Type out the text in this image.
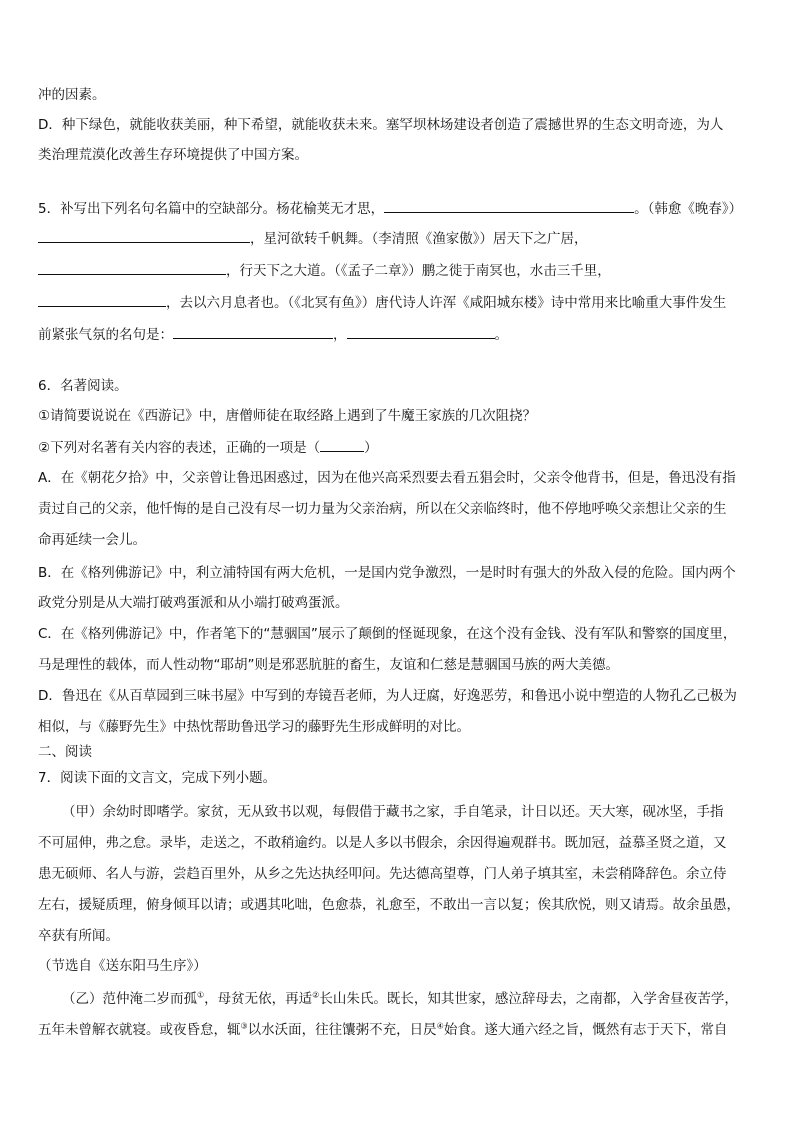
冲的因素。
D．种下绿色，就能收获美丽，种下希望，就能收获未来。塞罕坝林场建设者创造了震撼世界的生态文明奇迹，为人
类治理荒漠化改善生存环境提供了中国方案。
5．补写出下列名句名篇中的空缺部分。杨花榆荚无才思，	。（韩愈《晚春》）
，星河欲转千帆舞。（李清照《渔家傲》）居天下之广居，
，行天下之大道。（《孟子二章》）鹏之徙于南冥也，水击三千里，
，去以六月息者也。（《北冥有鱼》）唐代诗人许浑《咸阳城东楼》诗中常用来比喻重大事件发生
前紧张气氛的名句是：	，	。
6．名著阅读。
①请简要说说在《西游记》中，唐僧师徒在取经路上遇到了牛魔王家族的几次阻挠？
②下列对名著有关内容的表述，正确的一项是（	）
A．在《朝花夕拾》中，父亲曾让鲁迅困惑过，因为在他兴高采烈要去看五猖会时，父亲令他背书，但是，鲁迅没有指
责过自己的父亲，他忏悔的是自己没有尽一切力量为父亲治病，所以在父亲临终时，他不停地呼唤父亲想让父亲的生
命再延续一会儿。
B．在《格列佛游记》中，利立浦特国有两大危机，一是国内党争激烈，一是时时有强大的外敌入侵的危险。国内两个
政党分别是从大端打破鸡蛋派和从小端打破鸡蛋派。
C．在《格列佛游记》中，作者笔下的“慧骃国”展示了颠倒的怪诞现象，在这个没有金钱、没有军队和警察的国度里，
马是理性的载体，而人性动物“耶胡”则是邪恶肮脏的畜生，友谊和仁慈是慧骃国马族的两大美德。
D．鲁迅在《从百草园到三味书屋》中写到的寿镜吾老师，为人迂腐，好逸恶劳，和鲁迅小说中塑造的人物孔乙己极为
相似，与《藤野先生》中热忱帮助鲁迅学习的藤野先生形成鲜明的对比。
二、阅读
7．阅读下面的文言文，完成下列小题。
（甲）余幼时即嗜学。家贫，无从致书以观，每假借于藏书之家，手自笔录，计日以还。天大寒，砚冰坚，手指
不可屈伸，弗之怠。录毕，走送之，不敢稍逾约。以是人多以书假余，余因得遍观群书。既加冠，益慕圣贤之道，又
患无硕师、名人与游，尝趋百里外，从乡之先达执经叩问。先达德高望尊，门人弟子填其室，未尝稍降辞色。余立侍
左右，援疑质理，俯身倾耳以请；或遇其叱咄，色愈恭，礼愈至，不敢出一言以复；俟其欣悦，则又请焉。故余虽愚，
卒获有所闻。
（节选自《送东阳马生序》）
（乙）范仲淹二岁而孤①，母贫无依，再适②长山朱氏。既长，知其世家，感泣辞母去，之南都，入学舍昼夜苦学，
五年未曾解衣就寝。或夜昏怠，辄③以水沃面，往往馕粥不充，日昃④始食。遂大通六经之旨，慨然有志于天下，常自
